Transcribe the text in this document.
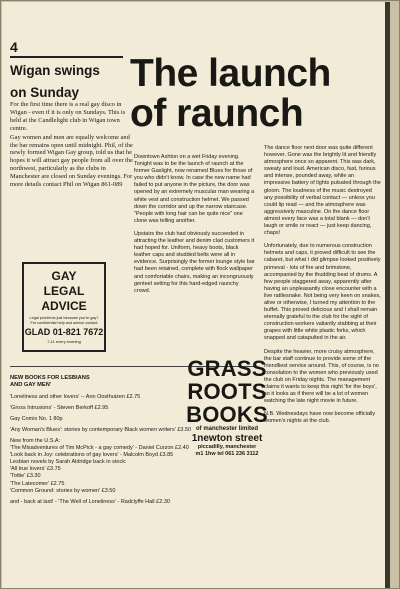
4
Wigan swings
on Sunday

For the first time there is a real gay disco in Wigan - even if it is only on Sundays. This is held at the Candlelight club in Wigan town centre.

Gay women and men are equally welcome and the bar remains open until midnight. Phil, of the newly formed Wigan Gay group, told us that he hopes it will attract gay people from all over the northwest, particularly as the clubs in Manchester are closed on Sunday evenings. For more details contact Phil on Wigan 861-089

The launch
of raunch

Downtown Ashton on a wet Friday evening. Tonight was to be the launch of raunch at the former Gaslight, now renamed Blues for those of you who didn't know. In case the new name had failed to put anyone in the picture, the door was opened by an extremely muscular man wearing a white vest and construction helmet. We passed down the corridor and up the narrow staircase. "People with long hair can be quite nice" one clone was telling another.

Upstairs the club had obviously succeeded in attracting the leather and denim clad customers it had hoped for. Uniform, heavy boots, black leather caps and studded belts were all in evidence. Surprisingly the former lounge style bar had been retained, complete with flock wallpaper and comfortable chairs, making an incongruously genteel setting for this hard-edged raunchy crowd.

The dance floor next door was quite different however. Gone was the brightly lit and friendly atmosphere once so apparent. This was dark, sweaty and loud. American disco, fast, furious and intense, pounded away, while an impressive battery of lights pulsated through the gloom. The loudness of the music destroyed any possibility of verbal contact — unless you could lip read — and the atmosphere was aggressively masculine. On the dance floor almost every face was a total blank — don't laugh or smile or react — just keep dancing, chaps!

Unfortunately, due to numerous construction helmets and caps, it proved difficult to see the cabaret, but what I did glimpse looked positively primeval - lots of fire and brimstone, accompanied by the thudding beat of drums. A few people staggered away, apparently after having an unpleasantly close encounter with a live rattlesnake. Not being very keen on snakes, alive or otherwise, I turned my attention to the buffet. This proved delicious and I shall remain eternally grateful to the club for the sight of construction workers valiantly stabbing at their grapes with little white plastic forks, which snapped and catapulted in the air.

Despite the heavier, more cruisy atmosphere, the bar staff continue to provide some of the friendliest service around. This, of course, is no consolation to the women who previously used the club on Friday nights. The management claims it wants to keep this night 'for the boys', so it looks as if there will be a lot of women watching the late night movie in future.

N.B. Wednesdays have now become officially women's nights at the club.

GAY
LEGAL
ADVICE
Legal problems just because you're gay? For confidential help and advice contact
GLAD 01-821 7672
7-11 every evening
NEW BOOKS FOR LESBIANS
AND GAY MEN'
'Loneliness and other lovers' -- Ann Oosthuizen £2.75
'Gross Intrusions' - Steven Berkoff £2.95
Gay Comix No. 1 80p
'Any Woman's Blues': stories by contemporary Black women writers' £3.50
New from the U.S.A:
'The Misadventures of Tim McPick - a gay comedy' - Daniel Curzon £2.40
'Look back in Joy: celebrations of gay lovers' - Malcolm Boyd £3.85
Lesbian novels by Sarah Aldridge back in stock:
'All true lovers' £3.75
'Tottie' £3.30
'The Latecomer' £2.75
'Common Ground: stories by women' £3.50
and - back at last! - 'The Well of Loneliness' - Radclyffe Hall £2.30
GRASS
ROOTS
BOOKS
of manchester limited
1newton street
piccadilly, manchester
m1 1hw tel 061 236 3112
